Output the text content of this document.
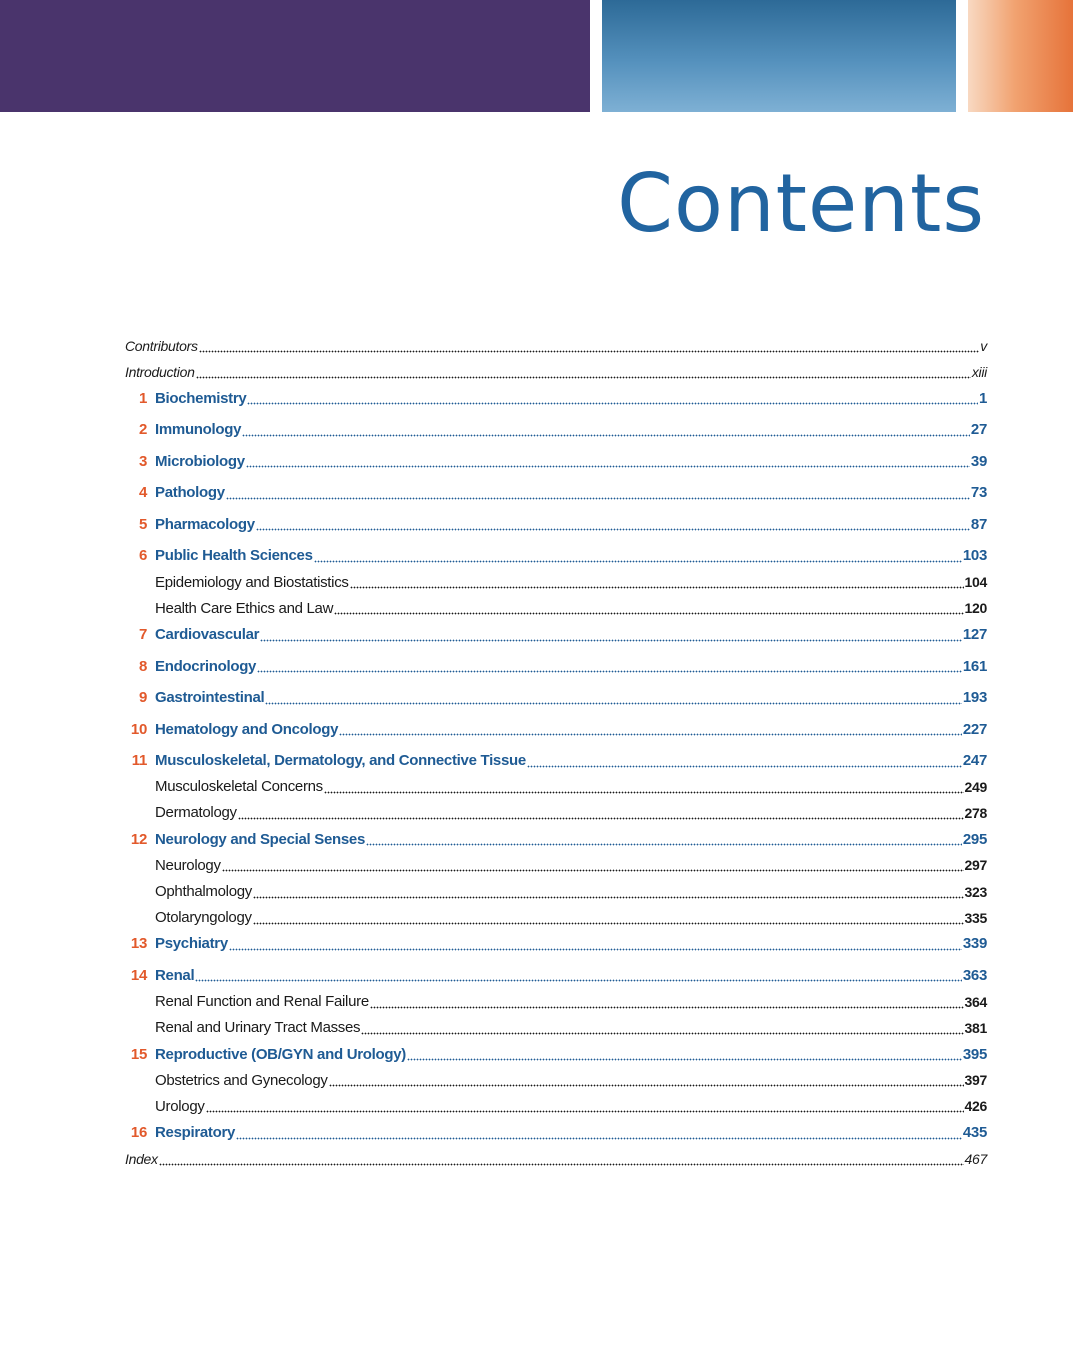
Contents
Contributors	v
Introduction	xiii
1 Biochemistry	1
2 Immunology	27
3 Microbiology	39
4 Pathology	73
5 Pharmacology	87
6 Public Health Sciences	103
Epidemiology and Biostatistics	104
Health Care Ethics and Law	120
7 Cardiovascular	127
8 Endocrinology	161
9 Gastrointestinal	193
10 Hematology and Oncology	227
11 Musculoskeletal, Dermatology, and Connective Tissue	247
Musculoskeletal Concerns	249
Dermatology	278
12 Neurology and Special Senses	295
Neurology	297
Ophthalmology	323
Otolaryngology	335
13 Psychiatry	339
14 Renal	363
Renal Function and Renal Failure	364
Renal and Urinary Tract Masses	381
15 Reproductive (OB/GYN and Urology)	395
Obstetrics and Gynecology	397
Urology	426
16 Respiratory	435
Index	467
